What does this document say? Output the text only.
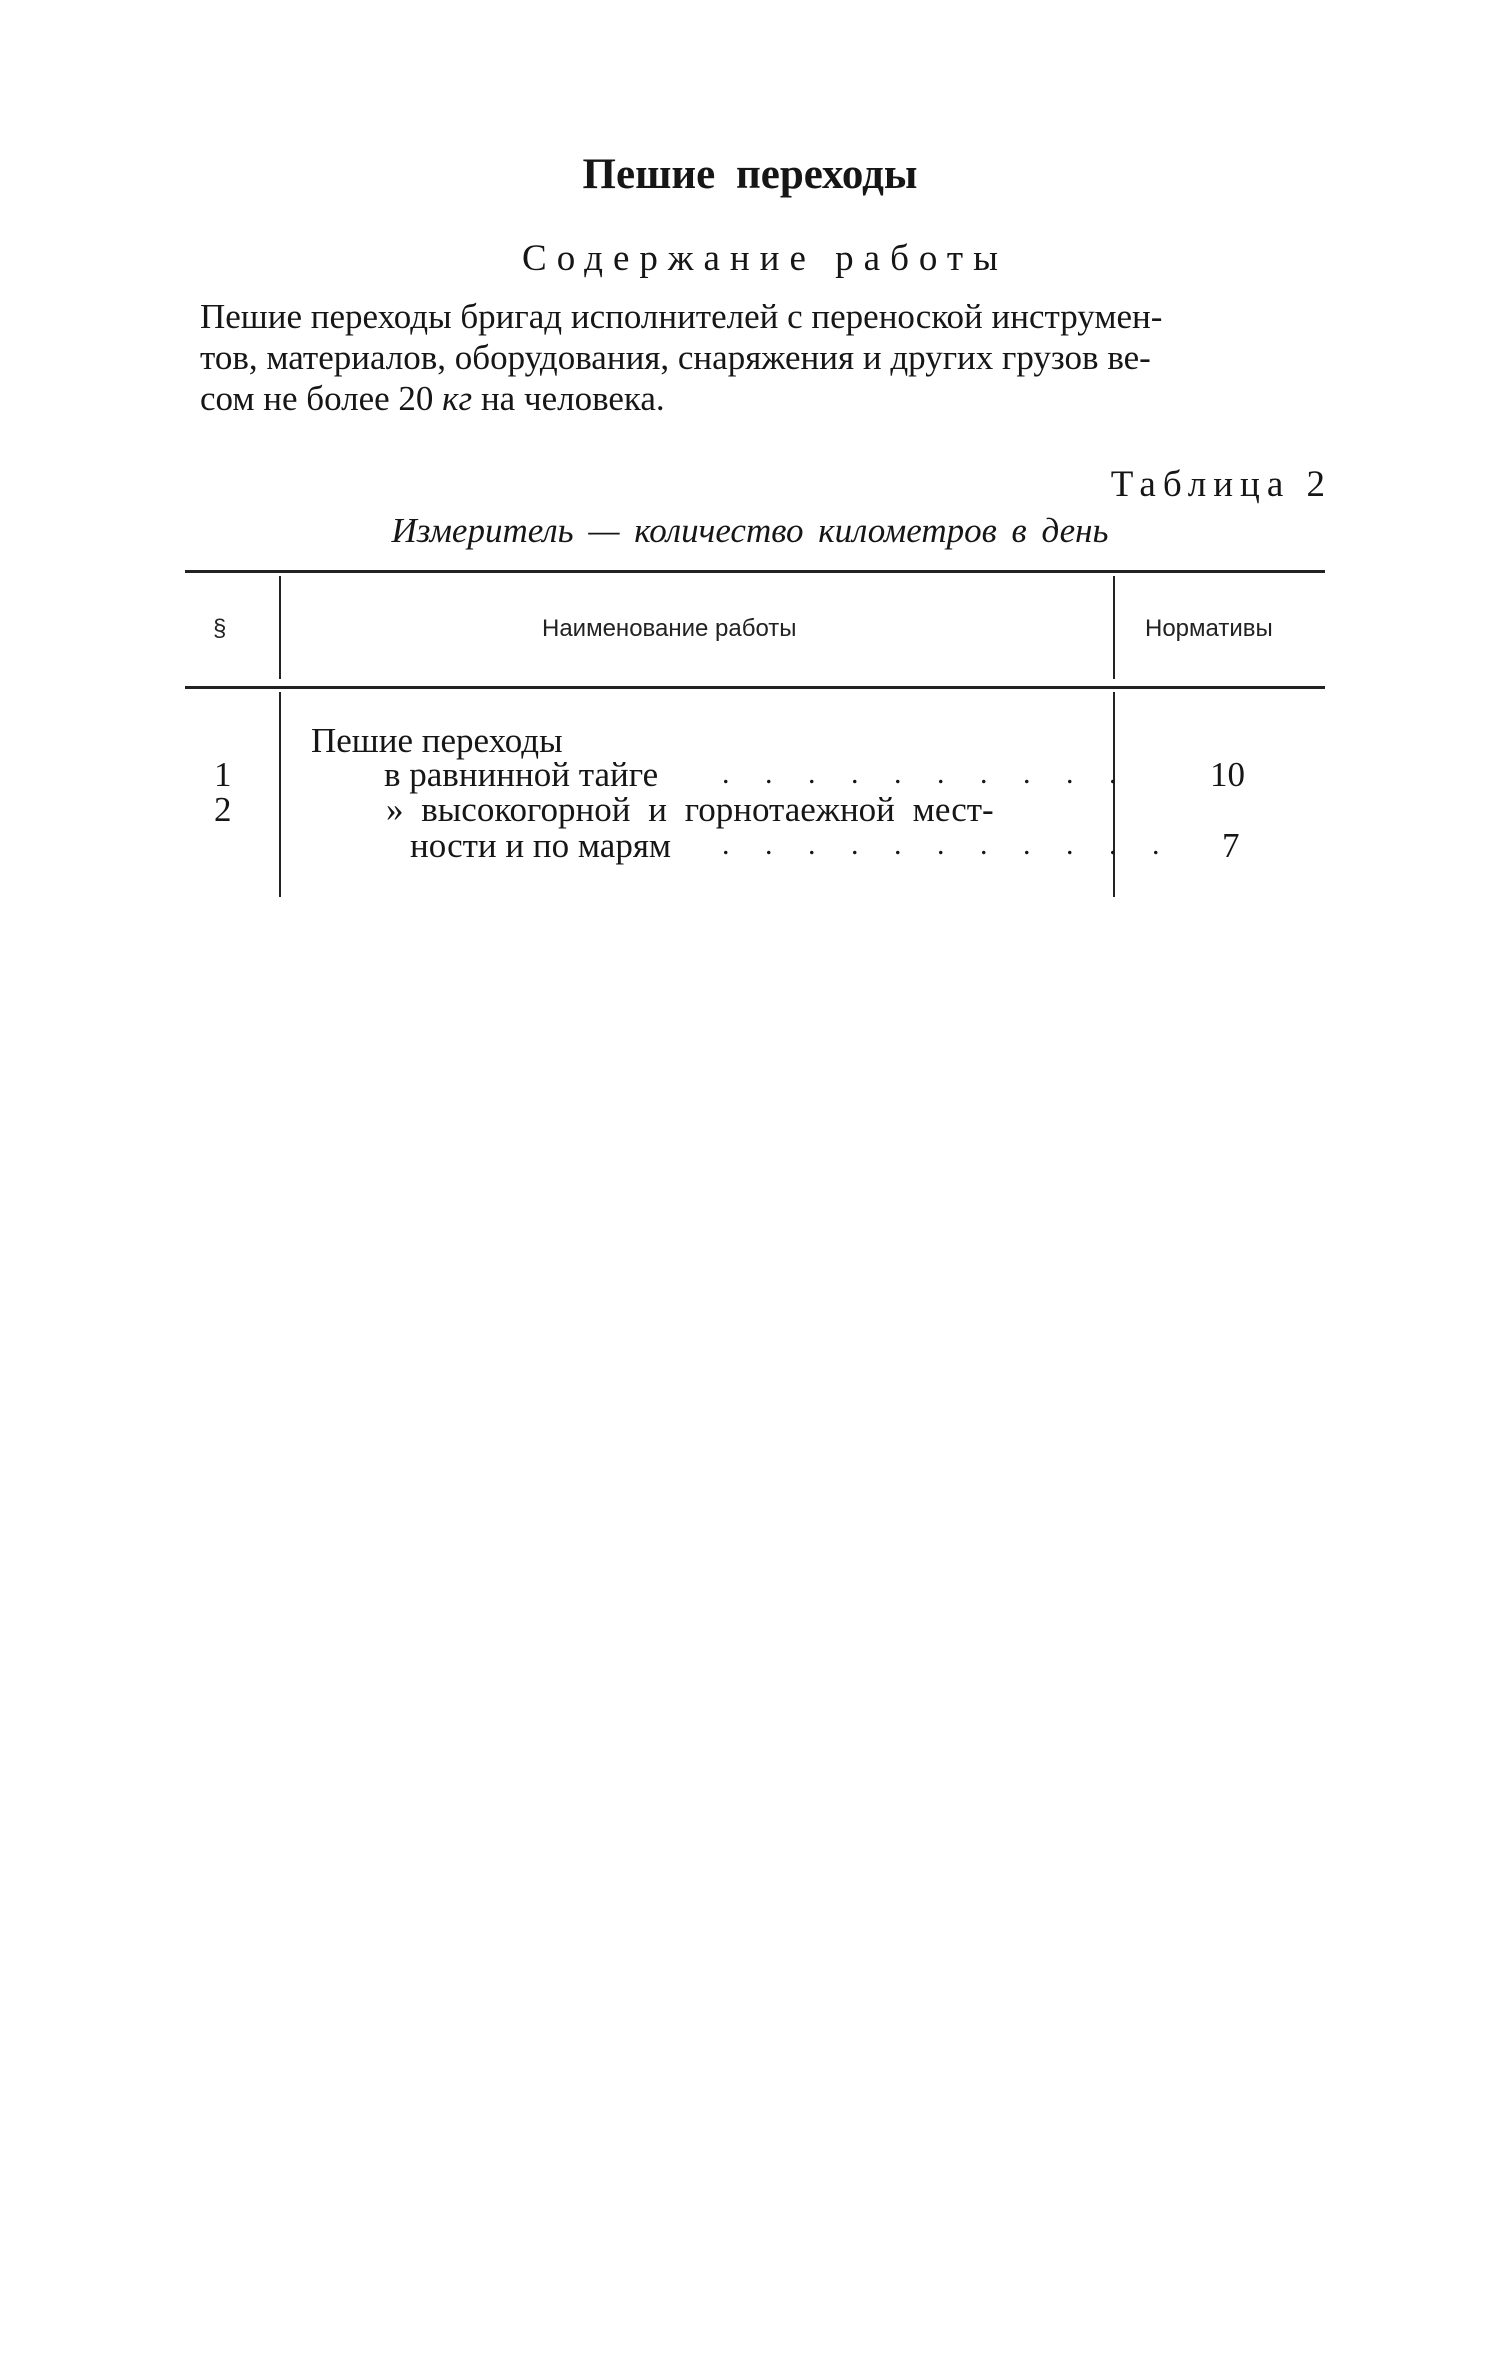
Пешие переходы
Содержание работы
Пешие переходы бригад исполнителей с переноской инструмен-
тов, материалов, оборудования, снаряжения и других грузов ве-
сом не более 20 кг на человека.
Таблица 2
Измеритель — количество километров в день
§	Наименование работы	Нормативы
Пешие переходы
1	в равнинной тайге . . . . . . . . . . 10
2	» высокогорной и горнотаежной мест-
ности и по марям . . . . . . . . . . . 7
